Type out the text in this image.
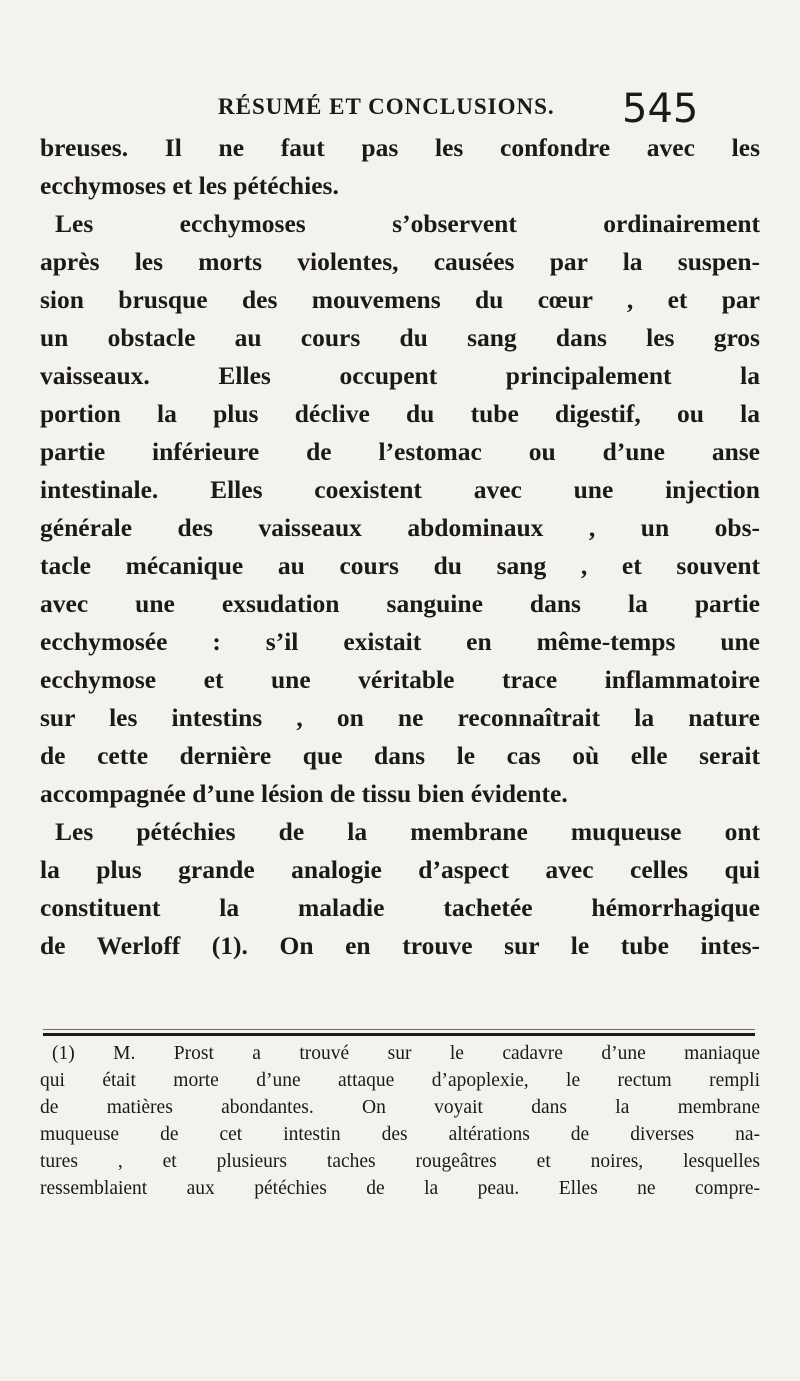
RÉSUMÉ ET CONCLUSIONS. 545
breuses. Il ne faut pas les confondre avec les
ecchymoses et les pétéchies.
Les ecchymoses s’observent ordinairement
après les morts violentes, causées par la suspen-
sion brusque des mouvemens du cœur , et par
un obstacle au cours du sang dans les gros
vaisseaux. Elles occupent principalement la
portion la plus déclive du tube digestif, ou la
partie inférieure de l’estomac ou d’une anse
intestinale. Elles coexistent avec une injection
générale des vaisseaux abdominaux , un obs-
tacle mécanique au cours du sang , et souvent
avec une exsudation sanguine dans la partie
ecchymosée : s’il existait en même-temps une
ecchymose et une véritable trace inflammatoire
sur les intestins , on ne reconnaîtrait la nature
de cette dernière que dans le cas où elle serait
accompagnée d’une lésion de tissu bien évidente.
Les pétéchies de la membrane muqueuse ont
la plus grande analogie d’aspect avec celles qui
constituent la maladie tachetée hémorrhagique
de Werloff (1). On en trouve sur le tube intes-
(1) M. Prost a trouvé sur le cadavre d’une maniaque
qui était morte d’une attaque d’apoplexie, le rectum rempli
de matières abondantes. On voyait dans la membrane
muqueuse de cet intestin des altérations de diverses na-
tures , et plusieurs taches rougeâtres et noires, lesquelles
ressemblaient aux pétéchies de la peau. Elles ne compre-
